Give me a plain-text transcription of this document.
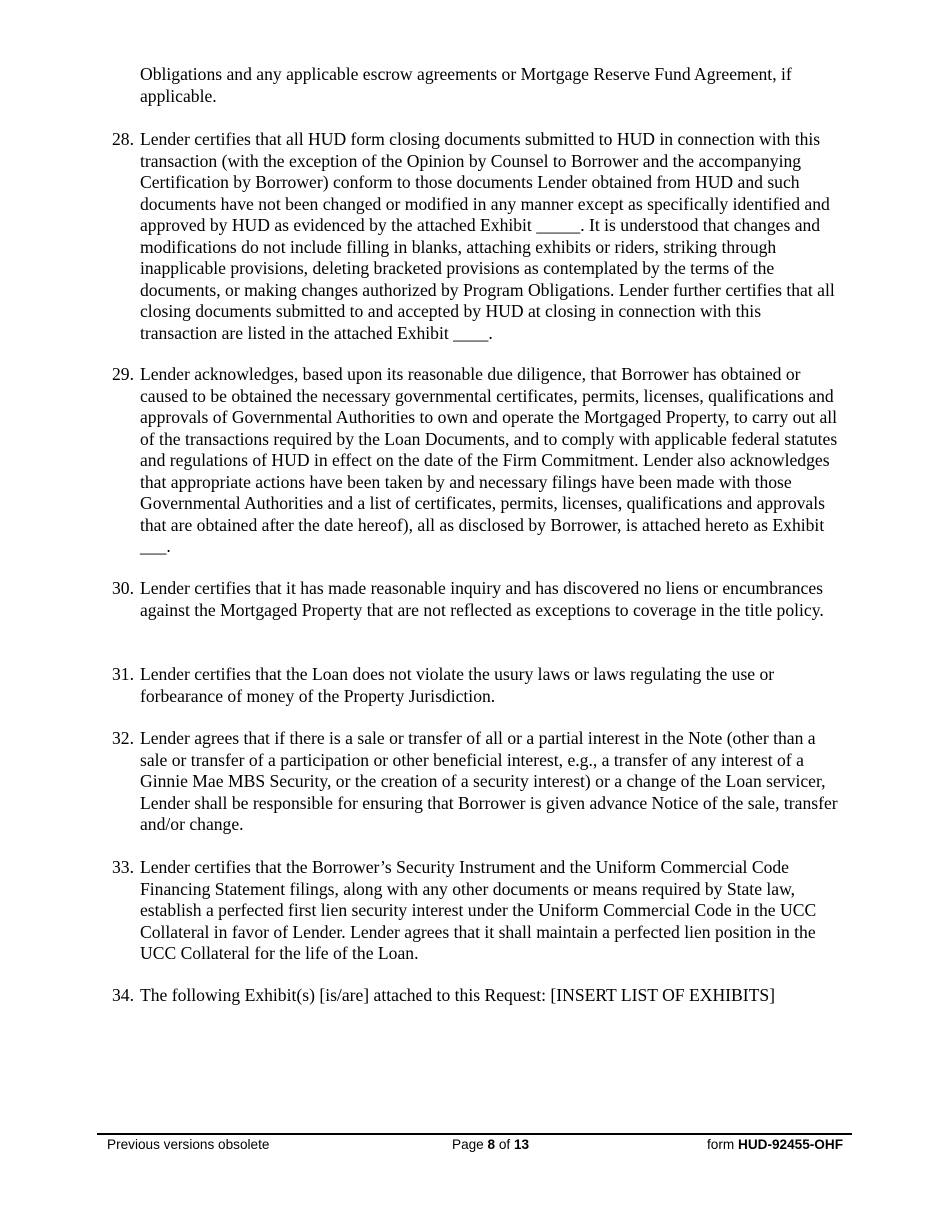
Obligations and any applicable escrow agreements or Mortgage Reserve Fund Agreement, if applicable.

28. Lender certifies that all HUD form closing documents submitted to HUD in connection with this transaction (with the exception of the Opinion by Counsel to Borrower and the accompanying Certification by Borrower) conform to those documents Lender obtained from HUD and such documents have not been changed or modified in any manner except as specifically identified and approved by HUD as evidenced by the attached Exhibit _____. It is understood that changes and modifications do not include filling in blanks, attaching exhibits or riders, striking through inapplicable provisions, deleting bracketed provisions as contemplated by the terms of the documents, or making changes authorized by Program Obligations. Lender further certifies that all closing documents submitted to and accepted by HUD at closing in connection with this transaction are listed in the attached Exhibit ____.
29. Lender acknowledges, based upon its reasonable due diligence, that Borrower has obtained or caused to be obtained the necessary governmental certificates, permits, licenses, qualifications and approvals of Governmental Authorities to own and operate the Mortgaged Property, to carry out all of the transactions required by the Loan Documents, and to comply with applicable federal statutes and regulations of HUD in effect on the date of the Firm Commitment. Lender also acknowledges that appropriate actions have been taken by and necessary filings have been made with those Governmental Authorities and a list of certificates, permits, licenses, qualifications and approvals that are obtained after the date hereof), all as disclosed by Borrower, is attached hereto as Exhibit ___.
30. Lender certifies that it has made reasonable inquiry and has discovered no liens or encumbrances against the Mortgaged Property that are not reflected as exceptions to coverage in the title policy.
31. Lender certifies that the Loan does not violate the usury laws or laws regulating the use or forbearance of money of the Property Jurisdiction.
32. Lender agrees that if there is a sale or transfer of all or a partial interest in the Note (other than a sale or transfer of a participation or other beneficial interest, e.g., a transfer of any interest of a Ginnie Mae MBS Security, or the creation of a security interest) or a change of the Loan servicer, Lender shall be responsible for ensuring that Borrower is given advance Notice of the sale, transfer and/or change.
33. Lender certifies that the Borrower’s Security Instrument and the Uniform Commercial Code Financing Statement filings, along with any other documents or means required by State law, establish a perfected first lien security interest under the Uniform Commercial Code in the UCC Collateral in favor of Lender. Lender agrees that it shall maintain a perfected lien position in the UCC Collateral for the life of the Loan.
34. The following Exhibit(s) [is/are] attached to this Request: [INSERT LIST OF EXHIBITS]
Previous versions obsolete	Page 8 of 13	form HUD-92455-OHF
